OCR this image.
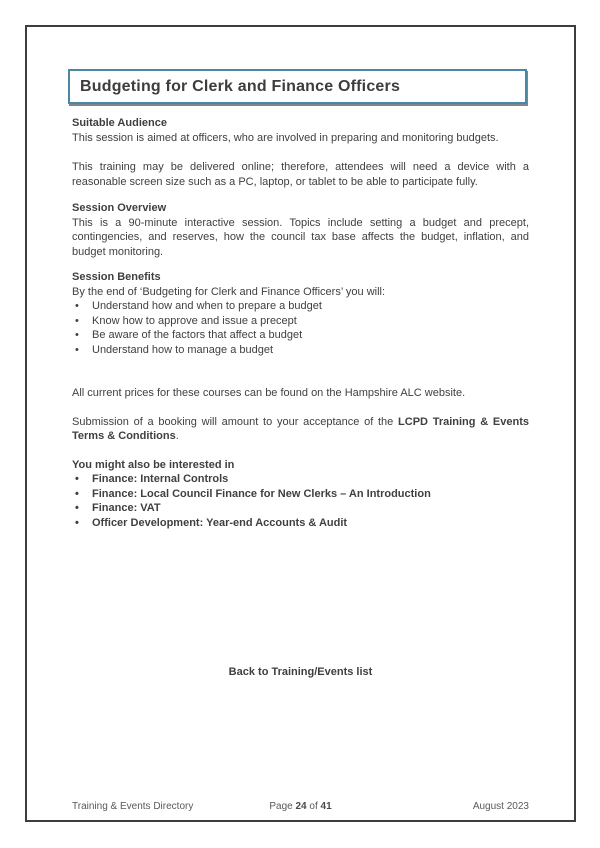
Budgeting for Clerk and Finance Officers
Suitable Audience

This session is aimed at officers, who are involved in preparing and monitoring budgets.

This training may be delivered online; therefore, attendees will need a device with a reasonable screen size such as a PC, laptop, or tablet to be able to participate fully.

Session Overview

This is a 90-minute interactive session. Topics include setting a budget and precept, contingencies, and reserves, how the council tax base affects the budget, inflation, and budget monitoring.

Session Benefits

By the end of ‘Budgeting for Clerk and Finance Officers’ you will:

• Understand how and when to prepare a budget
• Know how to approve and issue a precept
• Be aware of the factors that affect a budget
• Understand how to manage a budget

All current prices for these courses can be found on the Hampshire ALC website.

Submission of a booking will amount to your acceptance of the LCPD Training & Events Terms & Conditions.

You might also be interested in
• Finance: Internal Controls
• Finance: Local Council Finance for New Clerks – An Introduction
• Finance: VAT
• Officer Development: Year-end Accounts & Audit
Back to Training/Events list
Training & Events Directory	Page 24 of 41	August 2023
